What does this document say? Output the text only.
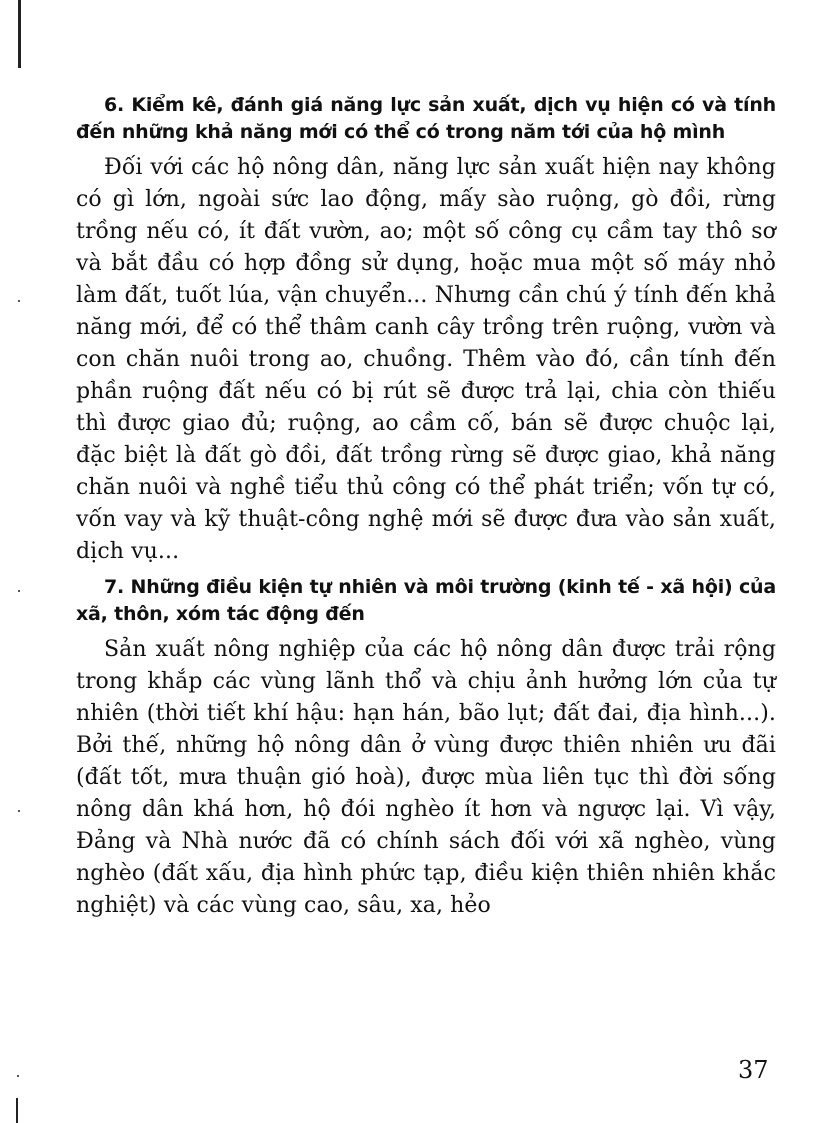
6. Kiểm kê, đánh giá năng lực sản xuất, dịch vụ hiện có và tính đến những khả năng mới có thể có trong năm tới của hộ mình

Đối với các hộ nông dân, năng lực sản xuất hiện nay không có gì lớn, ngoài sức lao động, mấy sào ruộng, gò đồi, rừng trồng nếu có, ít đất vườn, ao; một số công cụ cầm tay thô sơ và bắt đầu có hợp đồng sử dụng, hoặc mua một số máy nhỏ làm đất, tuốt lúa, vận chuyển... Nhưng cần chú ý tính đến khả năng mới, để có thể thâm canh cây trồng trên ruộng, vườn và con chăn nuôi trong ao, chuồng. Thêm vào đó, cần tính đến phần ruộng đất nếu có bị rút sẽ được trả lại, chia còn thiếu thì được giao đủ; ruộng, ao cầm cố, bán sẽ được chuộc lại, đặc biệt là đất gò đồi, đất trồng rừng sẽ được giao, khả năng chăn nuôi và nghề tiểu thủ công có thể phát triển; vốn tự có, vốn vay và kỹ thuật-công nghệ mới sẽ được đưa vào sản xuất, dịch vụ...

7. Những điều kiện tự nhiên và môi trường (kinh tế - xã hội) của xã, thôn, xóm tác động đến

Sản xuất nông nghiệp của các hộ nông dân được trải rộng trong khắp các vùng lãnh thổ và chịu ảnh hưởng lớn của tự nhiên (thời tiết khí hậu: hạn hán, bão lụt; đất đai, địa hình...). Bởi thế, những hộ nông dân ở vùng được thiên nhiên ưu đãi (đất tốt, mưa thuận gió hoà), được mùa liên tục thì đời sống nông dân khá hơn, hộ đói nghèo ít hơn và ngược lại. Vì vậy, Đảng và Nhà nước đã có chính sách đối với xã nghèo, vùng nghèo (đất xấu, địa hình phức tạp, điều kiện thiên nhiên khắc nghiệt) và các vùng cao, sâu, xa, hẻo

37
